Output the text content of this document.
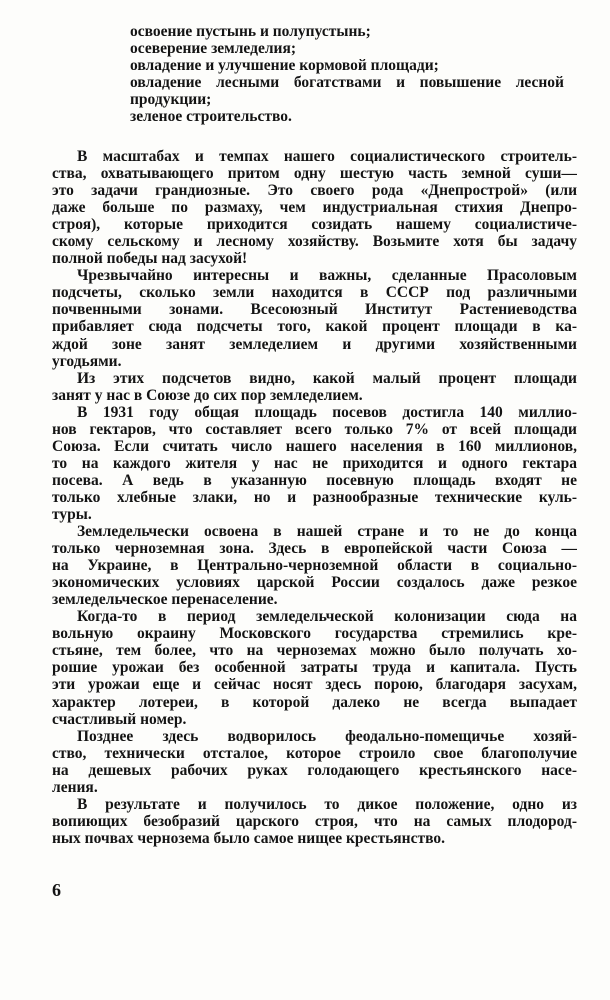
освоение пустынь и полупустынь;
осеверение земледелия;
овладение и улучшение кормовой площади;
овладение лесными богатствами и повышение лесной
продукции;
зеленое строительство.
В масштабах и темпах нашего социалистического строитель-
ства, охватывающего притом одну шестую часть земной суши—
это задачи грандиозные. Это своего рода «Днепрострой» (или
даже больше по размаху, чем индустриальная стихия Днепро-
строя), которые приходится созидать нашему социалистиче-
скому сельскому и лесному хозяйству. Возьмите хотя бы задачу
полной победы над засухой!
Чрезвычайно интересны и важны, сделанные Прасоловым
подсчеты, сколько земли находится в СССР под различными
почвенными зонами. Всесоюзный Институт Растениеводства
прибавляет сюда подсчеты того, какой процент площади в ка-
ждой зоне занят земледелием и другими хозяйственными
угодьями.
Из этих подсчетов видно, какой малый процент площади
занят у нас в Союзе до сих пор земледелием.
В 1931 году общая площадь посевов достигла 140 миллио-
нов гектаров, что составляет всего только 7% от всей площади
Союза. Если считать число нашего населения в 160 миллионов,
то на каждого жителя у нас не приходится и одного гектара
посева. А ведь в указанную посевную площадь входят не
только хлебные злаки, но и разнообразные технические куль-
туры.
Земледельчески освоена в нашей стране и то не до конца
только черноземная зона. Здесь в европейской части Союза —
на Украине, в Центрально-черноземной области в социально-
экономических условиях царской России создалось даже резкое
земледельческое перенаселение.
Когда-то в период земледельческой колонизации сюда на
вольную окраину Московского государства стремились кре-
стьяне, тем более, что на черноземах можно было получать хо-
рошие урожаи без особенной затраты труда и капитала. Пусть
эти урожаи еще и сейчас носят здесь порою, благодаря засухам,
характер лотереи, в которой далеко не всегда выпадает
счастливый номер.
Позднее здесь водворилось феодально-помещичье хозяй-
ство, технически отсталое, которое строило свое благополучие
на дешевых рабочих руках голодающего крестьянского насе-
ления.
В результате и получилось то дикое положение, одно из
вопиющих безобразий царского строя, что на самых плодород-
ных почвах чернозема было самое нищее крестьянство.
6
